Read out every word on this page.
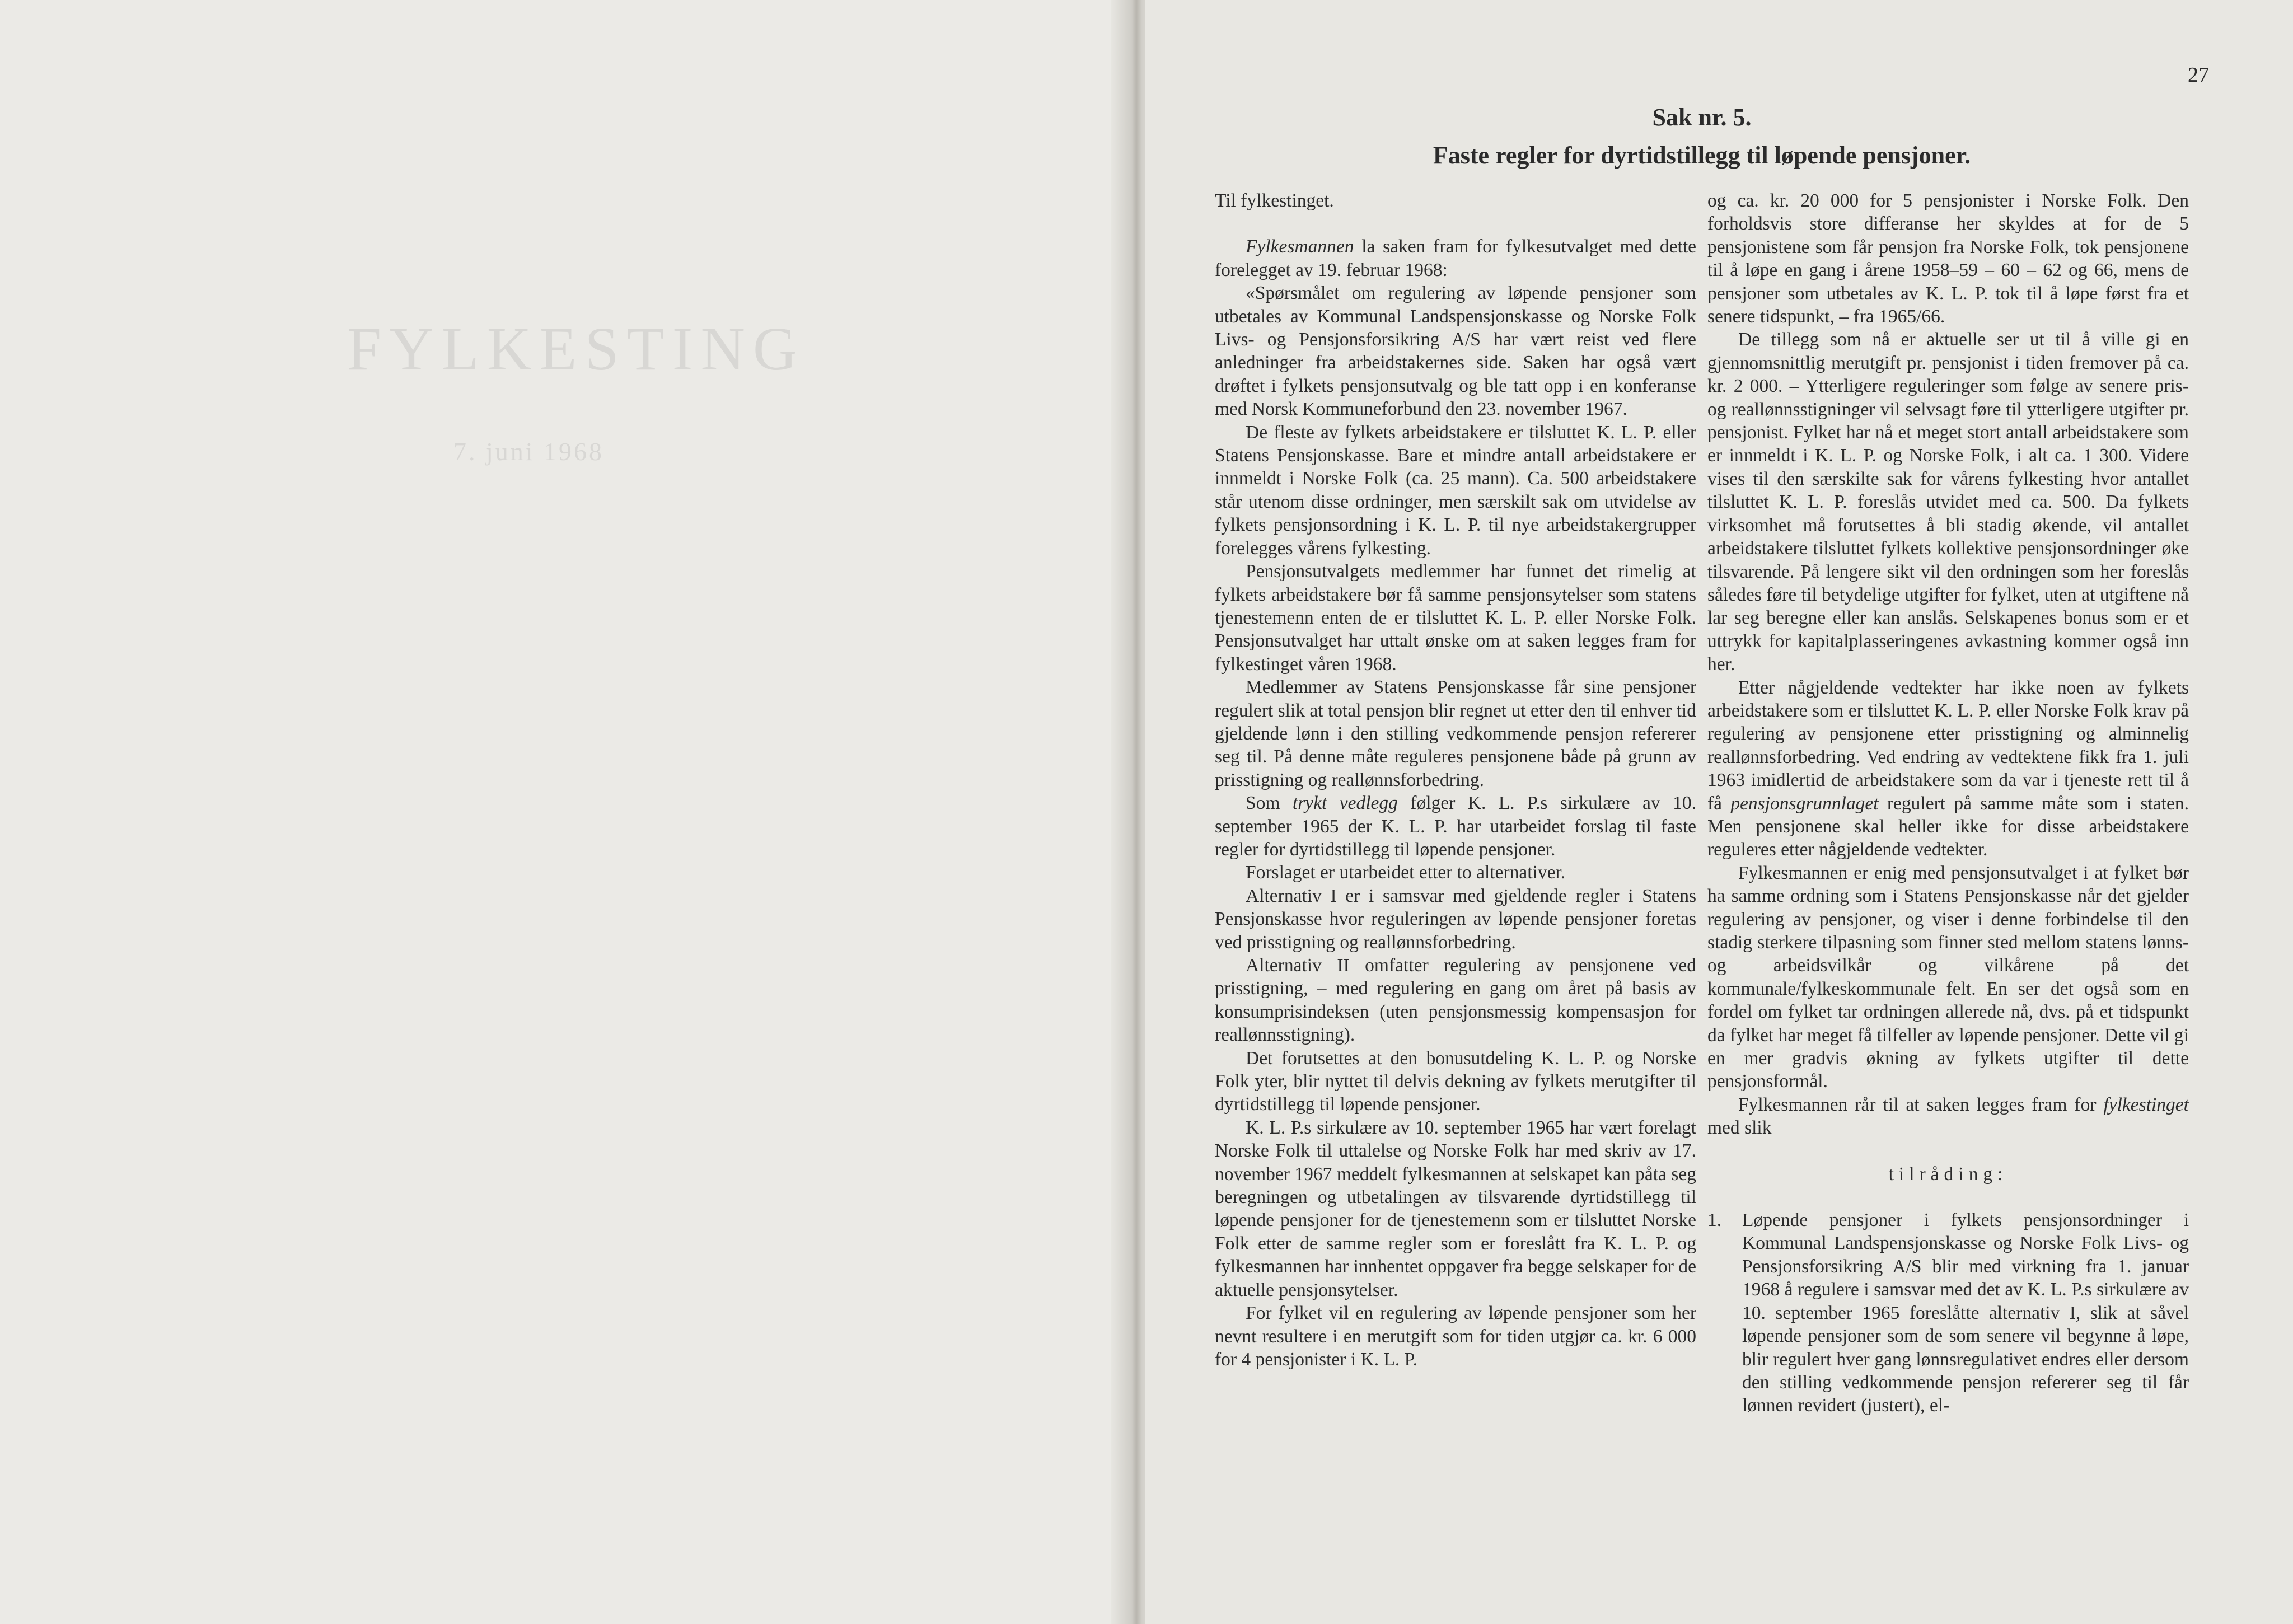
FYLKESTING
7. juni 1968
27
Sak nr. 5.
Faste regler for dyrtidstillegg til løpende pensjoner.

Til fylkestinget.

Fylkesmannen la saken fram for fylkesutvalget med dette forelegget av 19. februar 1968:

«Spørsmålet om regulering av løpende pensjoner som utbetales av Kommunal Landspensjonskasse og Norske Folk Livs- og Pensjonsforsikring A/S har vært reist ved flere anledninger fra arbeidstakernes side. Saken har også vært drøftet i fylkets pensjonsutvalg og ble tatt opp i en konferanse med Norsk Kommuneforbund den 23. november 1967.

De fleste av fylkets arbeidstakere er tilsluttet K. L. P. eller Statens Pensjonskasse. Bare et mindre antall arbeidstakere er innmeldt i Norske Folk (ca. 25 mann). Ca. 500 arbeidstakere står utenom disse ordninger, men særskilt sak om utvidelse av fylkets pensjonsordning i K. L. P. til nye arbeidstakergrupper forelegges vårens fylkesting.

Pensjonsutvalgets medlemmer har funnet det rimelig at fylkets arbeidstakere bør få samme pensjonsytelser som statens tjenestemenn enten de er tilsluttet K. L. P. eller Norske Folk. Pensjonsutvalget har uttalt ønske om at saken legges fram for fylkestinget våren 1968.

Medlemmer av Statens Pensjonskasse får sine pensjoner regulert slik at total pensjon blir regnet ut etter den til enhver tid gjeldende lønn i den stilling vedkommende pensjon refererer seg til. På denne måte reguleres pensjonene både på grunn av prisstigning og reallønnsforbedring.

Som trykt vedlegg følger K. L. P.s sirkulære av 10. september 1965 der K. L. P. har utarbeidet forslag til faste regler for dyrtidstillegg til løpende pensjoner.

Forslaget er utarbeidet etter to alternativer.

Alternativ I er i samsvar med gjeldende regler i Statens Pensjonskasse hvor reguleringen av løpende pensjoner foretas ved prisstigning og reallønnsforbedring.

Alternativ II omfatter regulering av pensjonene ved prisstigning, – med regulering en gang om året på basis av konsumprisindeksen (uten pensjonsmessig kompensasjon for reallønnsstigning).

Det forutsettes at den bonusutdeling K. L. P. og Norske Folk yter, blir nyttet til delvis dekning av fylkets merutgifter til dyrtidstillegg til løpende pensjoner.

K. L. P.s sirkulære av 10. september 1965 har vært forelagt Norske Folk til uttalelse og Norske Folk har med skriv av 17. november 1967 meddelt fylkesmannen at selskapet kan påta seg beregningen og utbetalingen av tilsvarende dyrtidstillegg til løpende pensjoner for de tjenestemenn som er tilsluttet Norske Folk etter de samme regler som er foreslått fra K. L. P. og fylkesmannen har innhentet oppgaver fra begge selskaper for de aktuelle pensjonsytelser.

For fylket vil en regulering av løpende pensjoner som her nevnt resultere i en merutgift som for tiden utgjør ca. kr. 6 000 for 4 pensjonister i K. L. P.

og ca. kr. 20 000 for 5 pensjonister i Norske Folk. Den forholdsvis store differanse her skyldes at for de 5 pensjonistene som får pensjon fra Norske Folk, tok pensjonene til å løpe en gang i årene 1958–59 – 60 – 62 og 66, mens de pensjoner som utbetales av K. L. P. tok til å løpe først fra et senere tidspunkt, – fra 1965/66.

De tillegg som nå er aktuelle ser ut til å ville gi en gjennomsnittlig merutgift pr. pensjonist i tiden fremover på ca. kr. 2 000. – Ytterligere reguleringer som følge av senere pris- og reallønnsstigninger vil selvsagt føre til ytterligere utgifter pr. pensjonist. Fylket har nå et meget stort antall arbeidstakere som er innmeldt i K. L. P. og Norske Folk, i alt ca. 1 300. Videre vises til den særskilte sak for vårens fylkesting hvor antallet tilsluttet K. L. P. foreslås utvidet med ca. 500. Da fylkets virksomhet må forutsettes å bli stadig økende, vil antallet arbeidstakere tilsluttet fylkets kollektive pensjonsordninger øke tilsvarende. På lengere sikt vil den ordningen som her foreslås således føre til betydelige utgifter for fylket, uten at utgiftene nå lar seg beregne eller kan anslås. Selskapenes bonus som er et uttrykk for kapitalplasseringenes avkastning kommer også inn her.

Etter någjeldende vedtekter har ikke noen av fylkets arbeidstakere som er tilsluttet K. L. P. eller Norske Folk krav på regulering av pensjonene etter prisstigning og alminnelig reallønnsforbedring. Ved endring av vedtektene fikk fra 1. juli 1963 imidlertid de arbeidstakere som da var i tjeneste rett til å få pensjonsgrunnlaget regulert på samme måte som i staten. Men pensjonene skal heller ikke for disse arbeidstakere reguleres etter någjeldende vedtekter.

Fylkesmannen er enig med pensjonsutvalget i at fylket bør ha samme ordning som i Statens Pensjonskasse når det gjelder regulering av pensjoner, og viser i denne forbindelse til den stadig sterkere tilpasning som finner sted mellom statens lønns- og arbeidsvilkår og vilkårene på det kommunale/fylkeskommunale felt. En ser det også som en fordel om fylket tar ordningen allerede nå, dvs. på et tidspunkt da fylket har meget få tilfeller av løpende pensjoner. Dette vil gi en mer gradvis økning av fylkets utgifter til dette pensjonsformål.

Fylkesmannen rår til at saken legges fram for fylkestinget med slik

tilråding:

1.	Løpende pensjoner i fylkets pensjonsordninger i Kommunal Landspensjonskasse og Norske Folk Livs- og Pensjonsforsikring A/S blir med virkning fra 1. januar 1968 å regulere i samsvar med det av K. L. P.s sirkulære av 10. september 1965 foreslåtte alternativ I, slik at såvel løpende pensjoner som de som senere vil begynne å løpe, blir regulert hver gang lønnsregulativet endres eller dersom den stilling vedkommende pensjon refererer seg til får lønnen revidert (justert), el-
